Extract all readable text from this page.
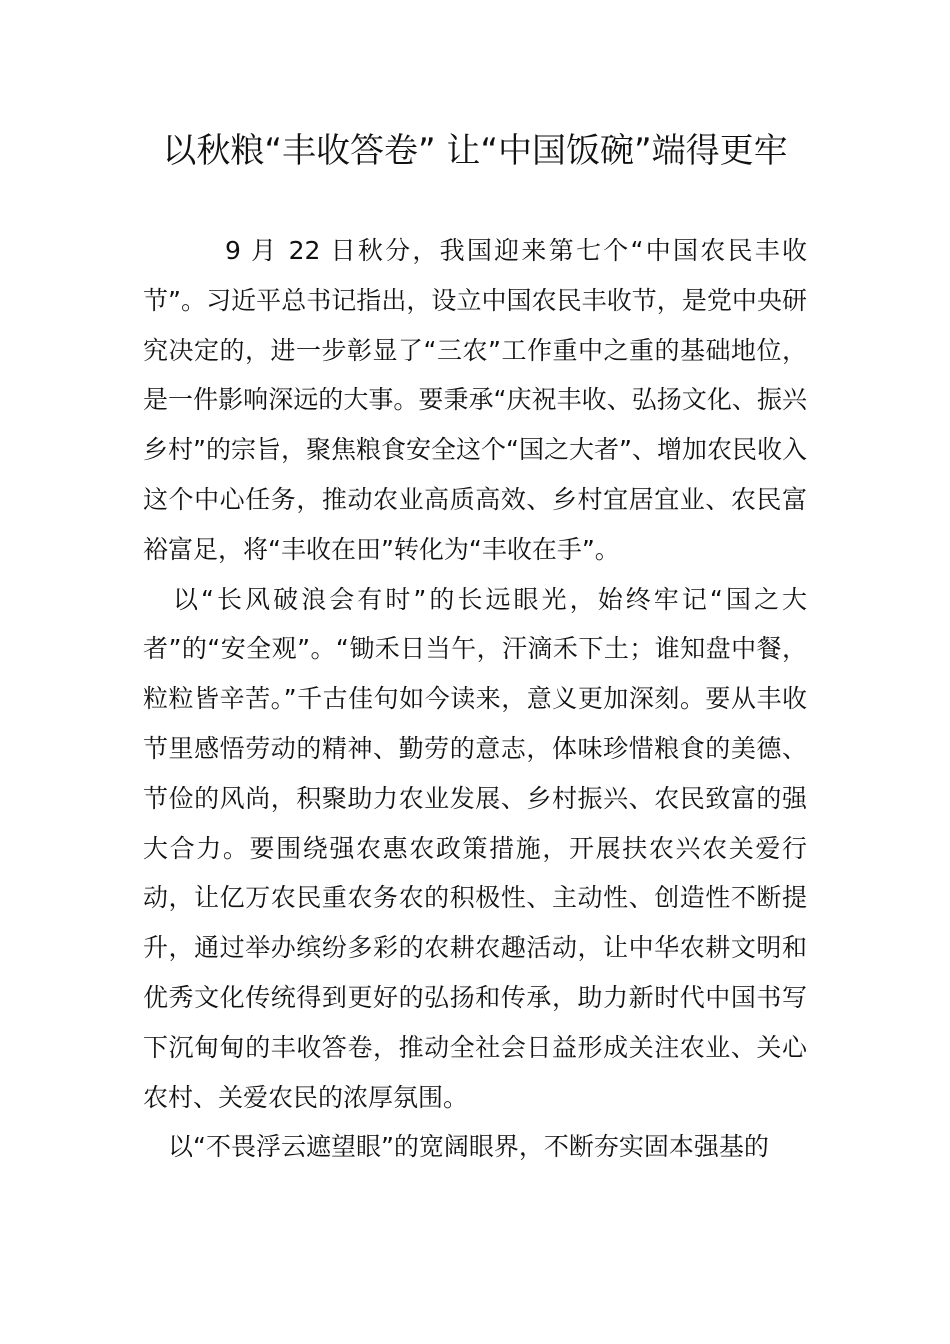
以秋粮“丰收答卷” 让“中国饭碗”端得更牢

9 月 22 日秋分，我国迎来第七个“中国农民丰收节”。习近平总书记指出，设立中国农民丰收节，是党中央研究决定的，进一步彰显了“三农”工作重中之重的基础地位，是一件影响深远的大事。要秉承“庆祝丰收、弘扬文化、振兴乡村”的宗旨，聚焦粮食安全这个“国之大者”、增加农民收入这个中心任务，推动农业高质高效、乡村宜居宜业、农民富裕富足，将“丰收在田”转化为“丰收在手”。

以“长风破浪会有时”的长远眼光，始终牢记“国之大者”的“安全观”。“锄禾日当午，汗滴禾下土；谁知盘中餐，粒粒皆辛苦。”千古佳句如今读来，意义更加深刻。要从丰收节里感悟劳动的精神、勤劳的意志，体味珍惜粮食的美德、节俭的风尚，积聚助力农业发展、乡村振兴、农民致富的强大合力。要围绕强农惠农政策措施，开展扶农兴农关爱行动，让亿万农民重农务农的积极性、主动性、创造性不断提升，通过举办缤纷多彩的农耕农趣活动，让中华农耕文明和优秀文化传统得到更好的弘扬和传承，助力新时代中国书写下沉甸甸的丰收答卷，推动全社会日益形成关注农业、关心农村、关爱农民的浓厚氛围。

以“不畏浮云遮望眼”的宽阔眼界，不断夯实固本强基的
